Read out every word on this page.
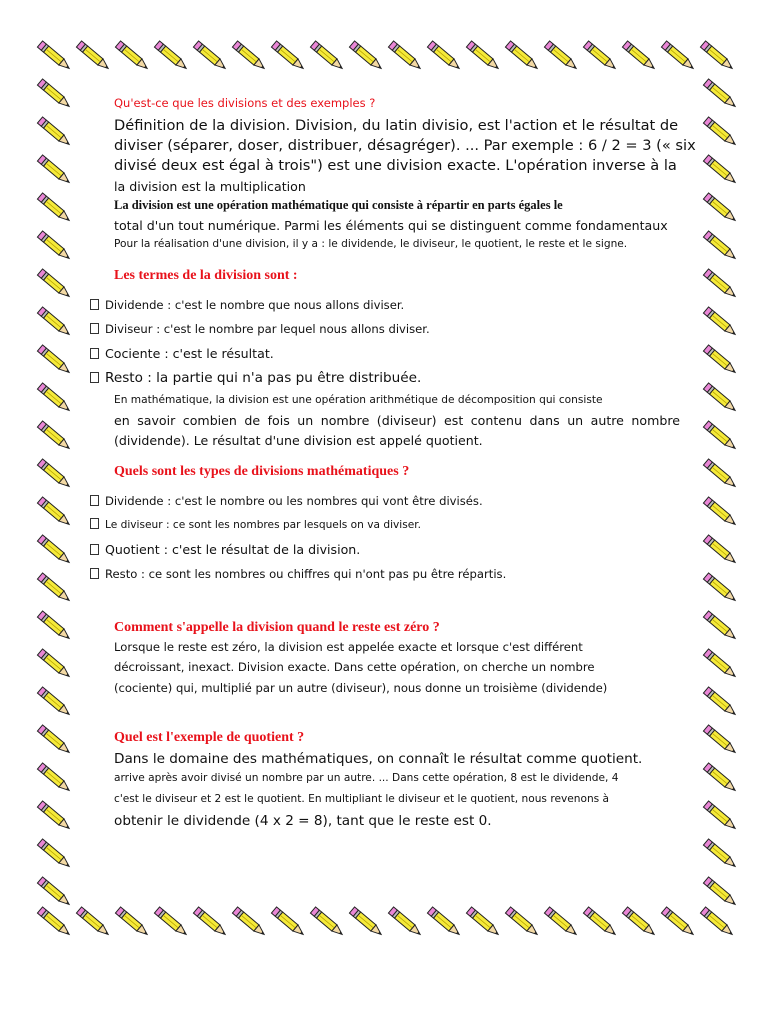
Qu'est-ce que les divisions et des exemples ?
Définition de la division. Division, du latin divisio, est l'action et le résultat de
diviser (séparer, doser, distribuer, désagréger). ... Par exemple : 6 / 2 = 3 (« six
divisé deux est égal à trois") est une division exacte. L'opération inverse à la
la division est la multiplication
La division est une opération mathématique qui consiste à répartir en parts égales le
total d'un tout numérique. Parmi les éléments qui se distinguent comme fondamentaux
Pour la réalisation d'une division, il y a : le dividende, le diviseur, le quotient, le reste et le signe.
Les termes de la division sont :
Dividende : c'est le nombre que nous allons diviser.
Diviseur : c'est le nombre par lequel nous allons diviser.
Cociente : c'est le résultat.
Resto : la partie qui n'a pas pu être distribuée.
En mathématique, la division est une opération arithmétique de décomposition qui consiste
en savoir combien de fois un nombre (diviseur) est contenu dans un autre nombre
(dividende). Le résultat d'une division est appelé quotient.
Quels sont les types de divisions mathématiques ?
Dividende : c'est le nombre ou les nombres qui vont être divisés.
Le diviseur : ce sont les nombres par lesquels on va diviser.
Quotient : c'est le résultat de la division.
Resto : ce sont les nombres ou chiffres qui n'ont pas pu être répartis.
Comment s'appelle la division quand le reste est zéro ?
Lorsque le reste est zéro, la division est appelée exacte et lorsque c'est différent
décroissant, inexact. Division exacte. Dans cette opération, on cherche un nombre
(cociente) qui, multiplié par un autre (diviseur), nous donne un troisième (dividende)
Quel est l'exemple de quotient ?
Dans le domaine des mathématiques, on connaît le résultat comme quotient.
arrive après avoir divisé un nombre par un autre. ... Dans cette opération, 8 est le dividende, 4
c'est le diviseur et 2 est le quotient. En multipliant le diviseur et le quotient, nous revenons à
obtenir le dividende (4 x 2 = 8), tant que le reste est 0.
